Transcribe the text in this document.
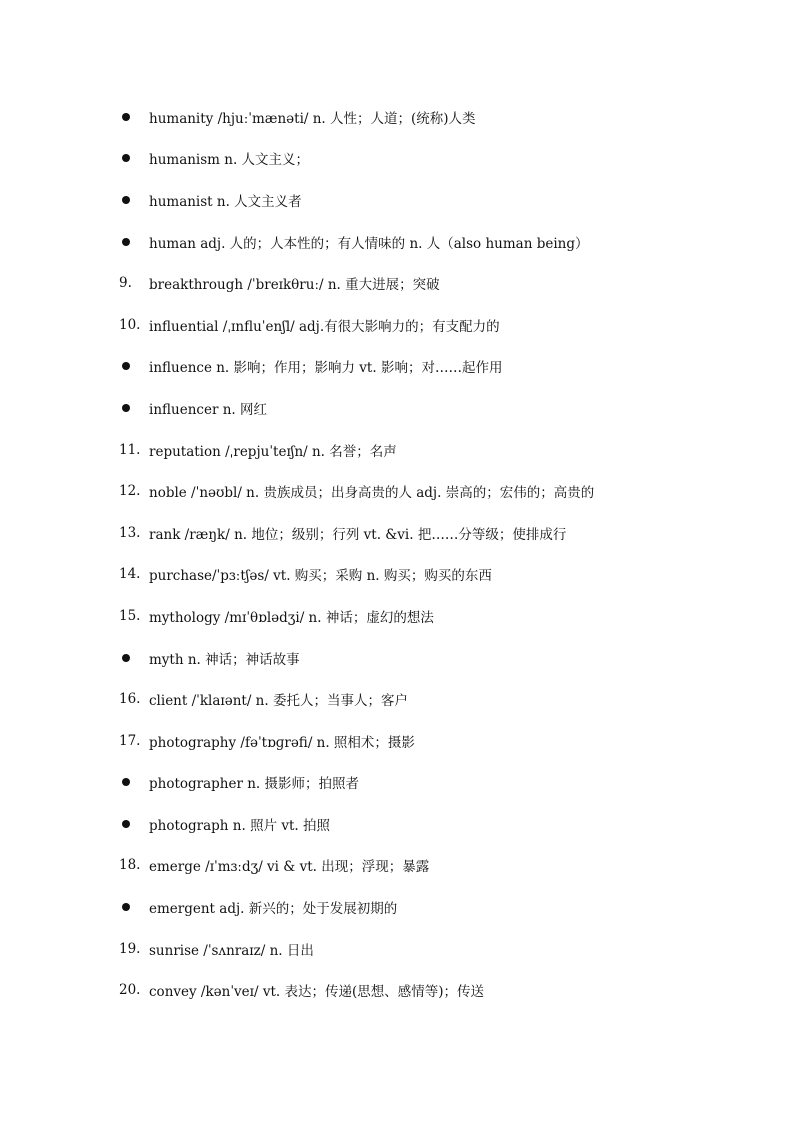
humanity /hjuːˈmænəti/ n. 人性；人道；(统称)人类
humanism n. 人文主义；
humanist n. 人文主义者
human adj. 人的；人本性的；有人情味的 n. 人（also human being）
9.	breakthrough /ˈbreɪkθruː/ n. 重大进展；突破
10. influential /ˌɪnfluˈenʃl/ adj.有很大影响力的；有支配力的
influence n. 影响；作用；影响力 vt. 影响；对……起作用
influencer n. 网红
11. reputation /ˌrepjuˈteɪʃn/ n. 名誉；名声
12. noble /ˈnəʊbl/ n. 贵族成员；出身高贵的人 adj. 崇高的；宏伟的；高贵的
13. rank /ræŋk/ n. 地位；级别；行列 vt. &vi. 把……分等级；使排成行
14. purchase/ˈpɜːtʃəs/ vt. 购买；采购 n. 购买；购买的东西
15. mythology /mɪˈθɒlədʒi/ n. 神话；虚幻的想法
myth n. 神话；神话故事
16. client /ˈklaɪənt/ n. 委托人；当事人；客户
17. photography /fəˈtɒɡrəfi/ n. 照相术；摄影
photographer n. 摄影师；拍照者
photograph n. 照片 vt. 拍照
18. emerge /ɪˈmɜːdʒ/ vi & vt. 出现；浮现；暴露
emergent adj. 新兴的；处于发展初期的
19. sunrise /ˈsʌnraɪz/ n. 日出
20. convey /kənˈveɪ/ vt. 表达；传递(思想、感情等)；传送
